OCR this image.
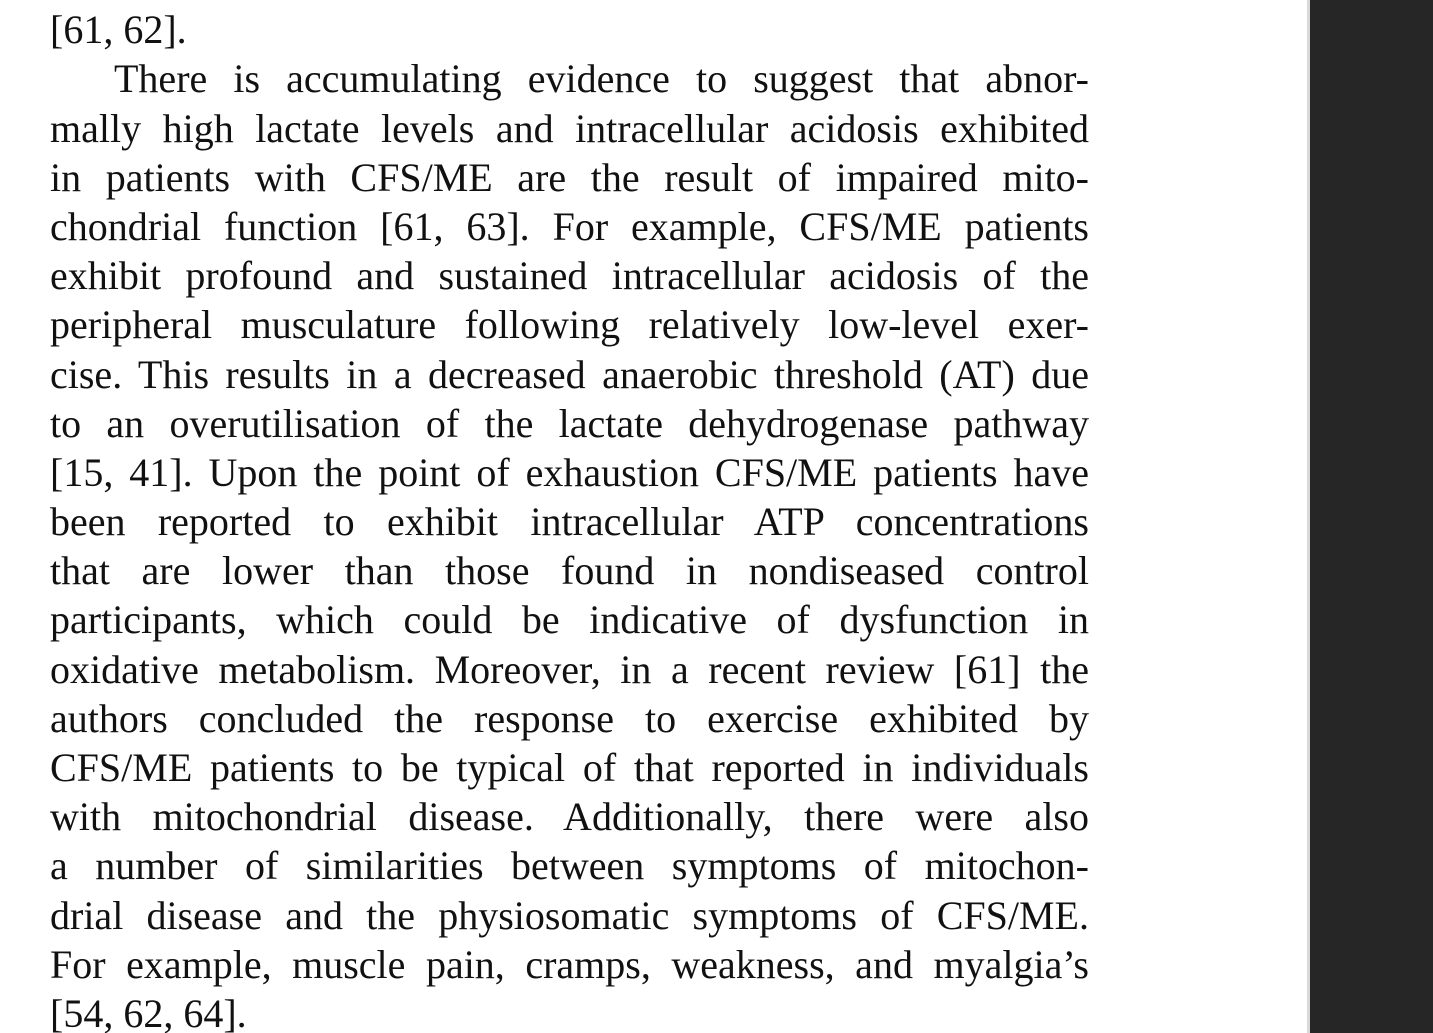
[61, 62].
There is accumulating evidence to suggest that abnor-
mally high lactate levels and intracellular acidosis exhibited
in patients with CFS/ME are the result of impaired mito-
chondrial function [61, 63]. For example, CFS/ME patients
exhibit profound and sustained intracellular acidosis of the
peripheral musculature following relatively low-level exer-
cise. This results in a decreased anaerobic threshold (AT) due
to an overutilisation of the lactate dehydrogenase pathway
[15, 41]. Upon the point of exhaustion CFS/ME patients have
been reported to exhibit intracellular ATP concentrations
that are lower than those found in nondiseased control
participants, which could be indicative of dysfunction in
oxidative metabolism. Moreover, in a recent review [61] the
authors concluded the response to exercise exhibited by
CFS/ME patients to be typical of that reported in individuals
with mitochondrial disease. Additionally, there were also
a number of similarities between symptoms of mitochon-
drial disease and the physiosomatic symptoms of CFS/ME.
For example, muscle pain, cramps, weakness, and myalgia’s
[54, 62, 64].
